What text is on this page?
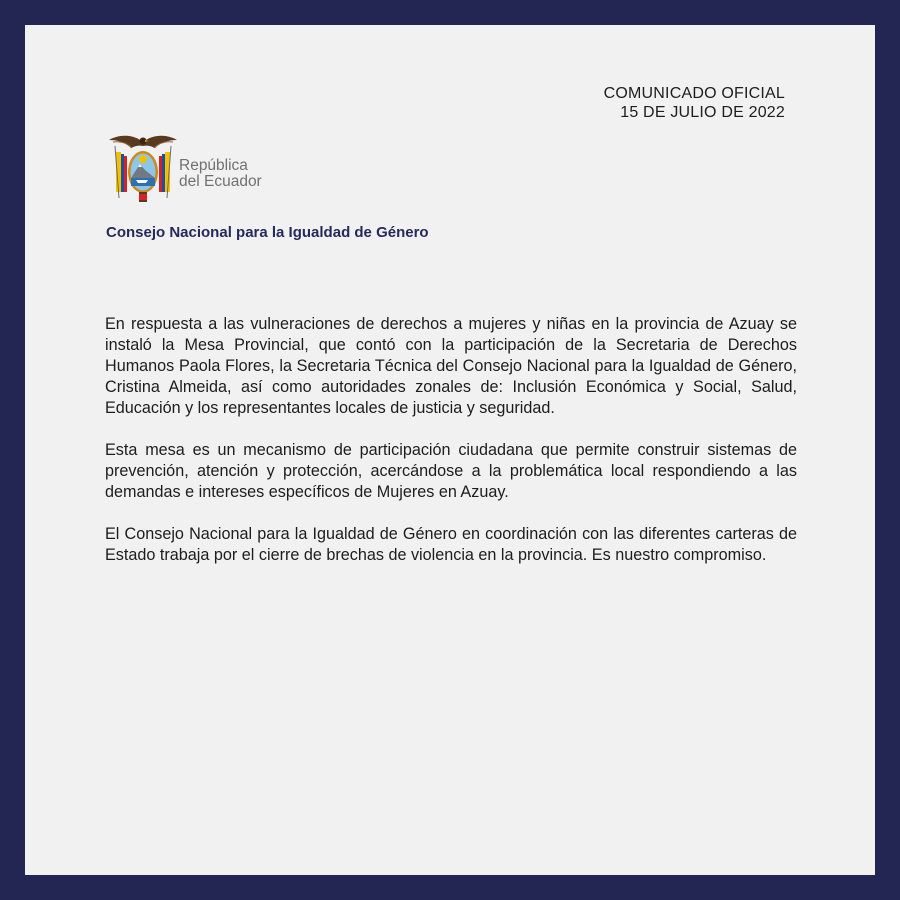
COMUNICADO OFICIAL
15 DE JULIO DE 2022
República
del Ecuador
Consejo Nacional para la Igualdad de Género

En respuesta a las vulneraciones de derechos a mujeres y niñas en la provincia de Azuay se instaló la Mesa Provincial, que contó con la participación de la Secretaria de Derechos Humanos Paola Flores, la Secretaria Técnica del Consejo Nacional para la Igualdad de Género, Cristina Almeida, así como autoridades zonales de: Inclusión Económica y Social, Salud, Educación y los representantes locales de justicia y seguridad.

Esta mesa es un mecanismo de participación ciudadana que permite construir sistemas de prevención, atención y protección, acercándose a la problemática local respondiendo a las demandas e intereses específicos de Mujeres en Azuay.

El Consejo Nacional para la Igualdad de Género en coordinación con las diferentes carteras de Estado trabaja por el cierre de brechas de violencia en la provincia. Es nuestro compromiso.
